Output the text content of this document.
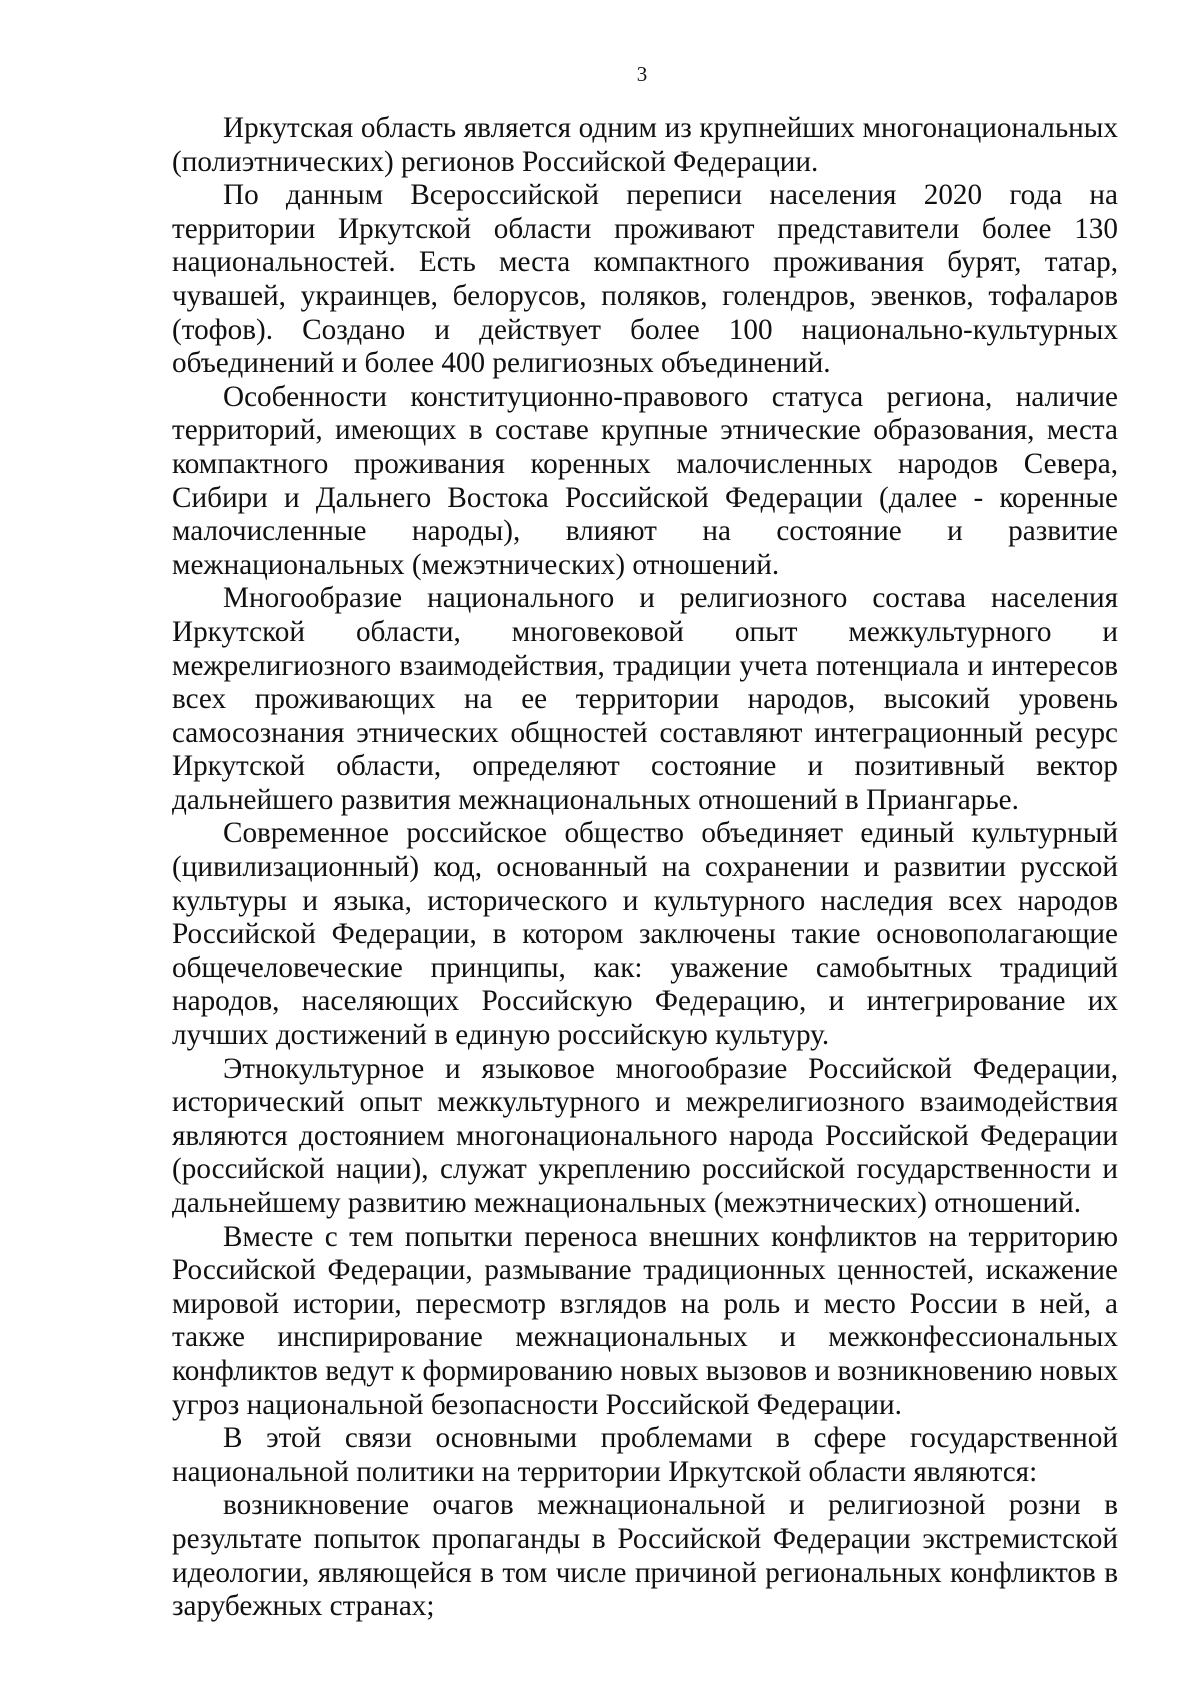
3

Иркутская область является одним из крупнейших многонациональных (полиэтнических) регионов Российской Федерации.

По данным Всероссийской переписи населения 2020 года на территории Иркутской области проживают представители более 130 национальностей. Есть места компактного проживания бурят, татар, чувашей, украинцев, белорусов, поляков, голендров, эвенков, тофаларов (тофов). Создано и действует более 100 национально-культурных объединений и более 400 религиозных объединений.

Особенности конституционно-правового статуса региона, наличие территорий, имеющих в составе крупные этнические образования, места компактного проживания коренных малочисленных народов Севера, Сибири и Дальнего Востока Российской Федерации (далее - коренные малочисленные народы), влияют на состояние и развитие межнациональных (межэтнических) отношений.

Многообразие национального и религиозного состава населения Иркутской области, многовековой опыт межкультурного и межрелигиозного взаимодействия, традиции учета потенциала и интересов всех проживающих на ее территории народов, высокий уровень самосознания этнических общностей составляют интеграционный ресурс Иркутской области, определяют состояние и позитивный вектор дальнейшего развития межнациональных отношений в Приангарье.

Современное российское общество объединяет единый культурный (цивилизационный) код, основанный на сохранении и развитии русской культуры и языка, исторического и культурного наследия всех народов Российской Федерации, в котором заключены такие основополагающие общечеловеческие принципы, как: уважение самобытных традиций народов, населяющих Российскую Федерацию, и интегрирование их лучших достижений в единую российскую культуру.

Этнокультурное и языковое многообразие Российской Федерации, исторический опыт межкультурного и межрелигиозного взаимодействия являются достоянием многонационального народа Российской Федерации (российской нации), служат укреплению российской государственности и дальнейшему развитию межнациональных (межэтнических) отношений.

Вместе с тем попытки переноса внешних конфликтов на территорию Российской Федерации, размывание традиционных ценностей, искажение мировой истории, пересмотр взглядов на роль и место России в ней, а также инспирирование межнациональных и межконфессиональных конфликтов ведут к формированию новых вызовов и возникновению новых угроз национальной безопасности Российской Федерации.

В этой связи основными проблемами в сфере государственной национальной политики на территории Иркутской области являются:

возникновение очагов межнациональной и религиозной розни в результате попыток пропаганды в Российской Федерации экстремистской идеологии, являющейся в том числе причиной региональных конфликтов в зарубежных странах;
